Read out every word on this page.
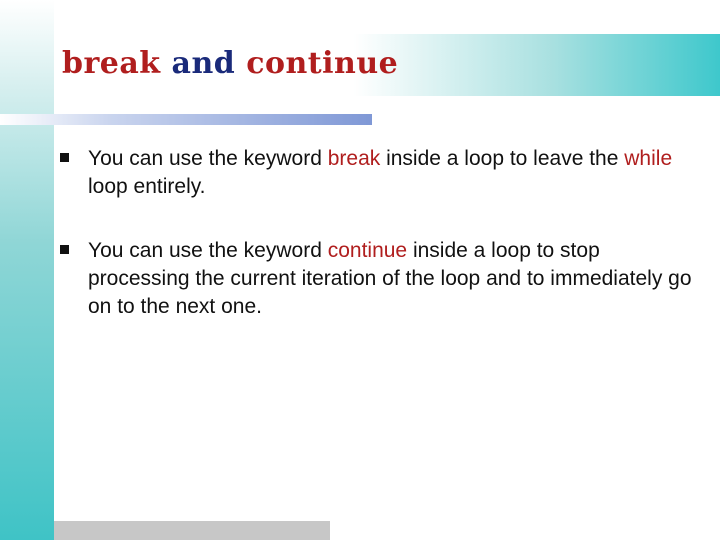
break and continue
You can use the keyword break inside a loop to leave the while loop entirely.
You can use the keyword continue inside a loop to stop processing the current iteration of the loop and to immediately go on to the next one.
